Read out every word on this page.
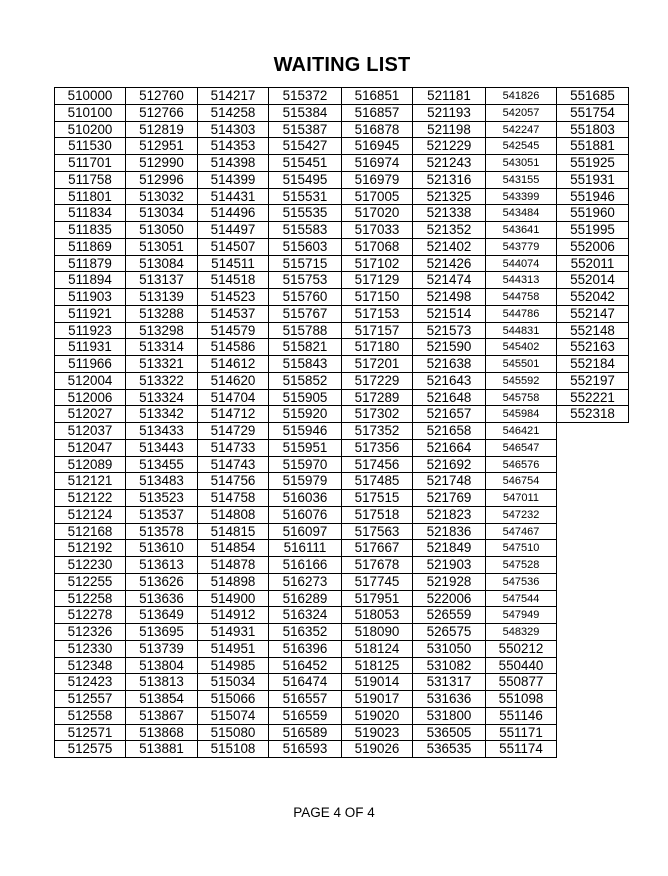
WAITING LIST
510000
510100
510200
511530
511701
511758
511801
511834
511835
511869
511879
511894
511903
511921
511923
511931
511966
512004
512006
512027
512037
512047
512089
512121
512122
512124
512168
512192
512230
512255
512258
512278
512326
512330
512348
512423
512557
512558
512571
512575
512760
512766
512819
512951
512990
512996
513032
513034
513050
513051
513084
513137
513139
513288
513298
513314
513321
513322
513324
513342
513433
513443
513455
513483
513523
513537
513578
513610
513613
513626
513636
513649
513695
513739
513804
513813
513854
513867
513868
513881
514217
514258
514303
514353
514398
514399
514431
514496
514497
514507
514511
514518
514523
514537
514579
514586
514612
514620
514704
514712
514729
514733
514743
514756
514758
514808
514815
514854
514878
514898
514900
514912
514931
514951
514985
515034
515066
515074
515080
515108
515372
515384
515387
515427
515451
515495
515531
515535
515583
515603
515715
515753
515760
515767
515788
515821
515843
515852
515905
515920
515946
515951
515970
515979
516036
516076
516097
516111
516166
516273
516289
516324
516352
516396
516452
516474
516557
516559
516589
516593
516851
516857
516878
516945
516974
516979
517005
517020
517033
517068
517102
517129
517150
517153
517157
517180
517201
517229
517289
517302
517352
517356
517456
517485
517515
517518
517563
517667
517678
517745
517951
518053
518090
518124
518125
519014
519017
519020
519023
519026
521181
521193
521198
521229
521243
521316
521325
521338
521352
521402
521426
521474
521498
521514
521573
521590
521638
521643
521648
521657
521658
521664
521692
521748
521769
521823
521836
521849
521903
521928
522006
526559
526575
531050
531082
531317
531636
531800
536505
536535
541826
542057
542247
542545
543051
543155
543399
543484
543641
543779
544074
544313
544758
544786
544831
545402
545501
545592
545758
545984
546421
546547
546576
546754
547011
547232
547467
547510
547528
547536
547544
547949
548329
550212
550440
550877
551098
551146
551171
551174
551685
551754
551803
551881
551925
551931
551946
551960
551995
552006
552011
552014
552042
552147
552148
552163
552184
552197
552221
552318
PAGE 4 OF 4
